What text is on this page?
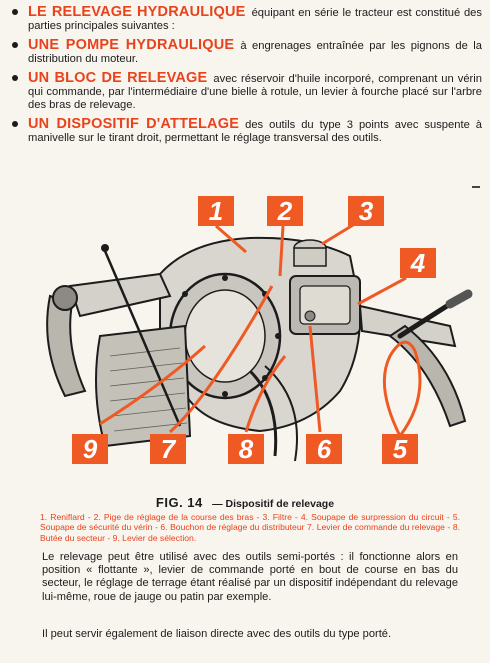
LE RELEVAGE HYDRAULIQUE équipant en série le tracteur est constitué des parties principales suivantes :
UNE POMPE HYDRAULIQUE à engrenages entraînée par les pignons de la distribution du moteur.
UN BLOC DE RELEVAGE avec réservoir d'huile incorporé, comprenant un vérin qui commande, par l'intermédiaire d'une bielle à rotule, un levier à fourche placé sur l'arbre des bras de relevage.
UN DISPOSITIF D'ATTELAGE des outils du type 3 points avec suspente à manivelle sur le tirant droit, permettant le réglage transversal des outils.
1	2	3
4
5
6
8
7
9
FIG. 14 — Dispositif de relevage
1. Reniflard - 2. Pige de réglage de la course des bras - 3. Filtre - 4. Soupape de surpression du circuit - 5. Soupape de sécurité du vérin - 6. Bouchon de réglage du distributeur 7. Levier de commande du relevage - 8. Butée du secteur - 9. Levier de sélection.
Le relevage peut être utilisé avec des outils semi-portés : il fonctionne alors en position « flottante », levier de commande porté en bout de course en bas du secteur, le réglage de terrage étant réalisé par un dispositif indépendant du relevage lui-même, roue de jauge ou patin par exemple.
Il peut servir également de liaison directe avec des outils du type porté.
